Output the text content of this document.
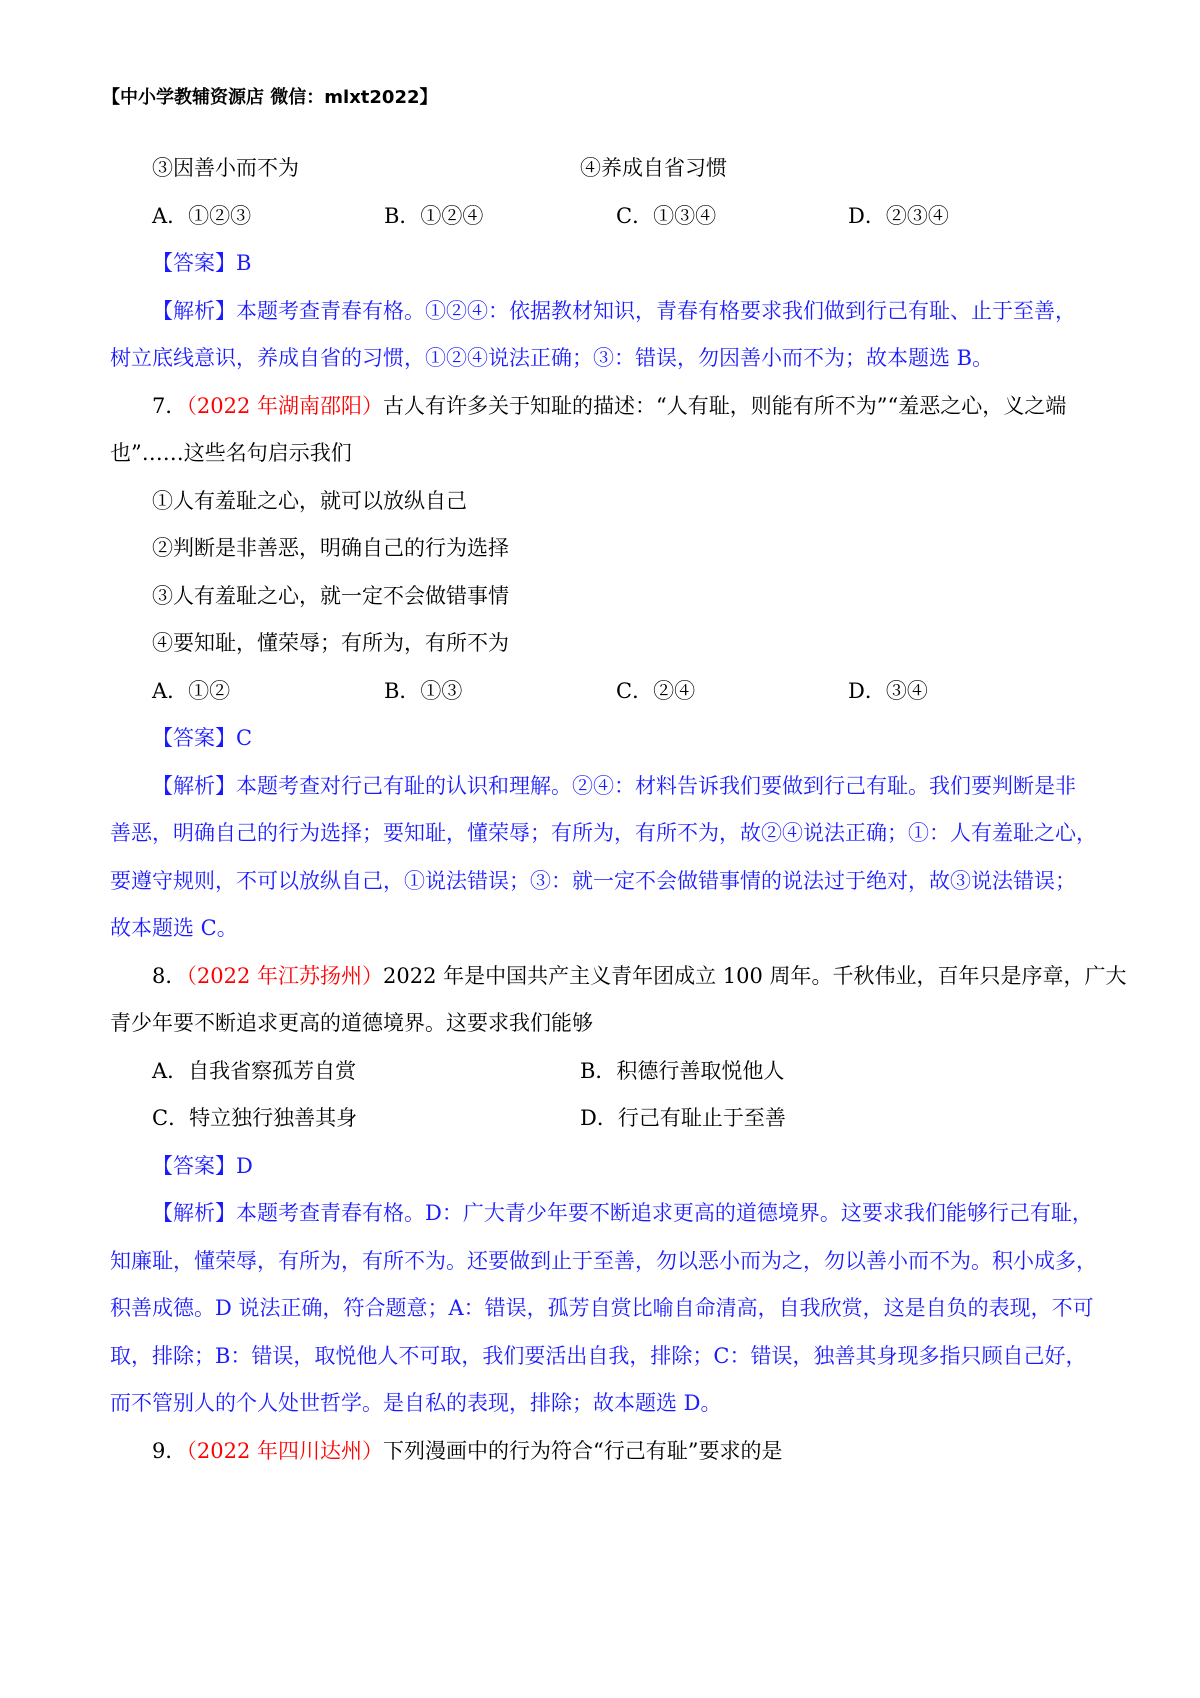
【中小学教辅资源店 微信：mlxt2022】
③因善小而不为	④养成自省习惯
A．①②③	B．①②④	C．①③④	D．②③④
【答案】B
【解析】本题考查青春有格。①②④：依据教材知识，青春有格要求我们做到行己有耻、止于至善，
树立底线意识，养成自省的习惯，①②④说法正确；③：错误，勿因善小而不为；故本题选 B。
7．（2022 年湖南邵阳）古人有许多关于知耻的描述：“人有耻，则能有所不为”“羞恶之心，义之端
也”……这些名句启示我们
①人有羞耻之心，就可以放纵自己
②判断是非善恶，明确自己的行为选择
③人有羞耻之心，就一定不会做错事情
④要知耻，懂荣辱；有所为，有所不为
A．①②	B．①③	C．②④	D．③④
【答案】C
【解析】本题考查对行己有耻的认识和理解。②④：材料告诉我们要做到行己有耻。我们要判断是非
善恶，明确自己的行为选择；要知耻，懂荣辱；有所为，有所不为，故②④说法正确；①：人有羞耻之心，
要遵守规则，不可以放纵自己，①说法错误；③：就一定不会做错事情的说法过于绝对，故③说法错误；
故本题选 C。
8．（2022 年江苏扬州）2022 年是中国共产主义青年团成立 100 周年。千秋伟业，百年只是序章，广大
青少年要不断追求更高的道德境界。这要求我们能够
A．自我省察孤芳自赏	B．积德行善取悦他人
C．特立独行独善其身	D．行己有耻止于至善
【答案】D
【解析】本题考查青春有格。D：广大青少年要不断追求更高的道德境界。这要求我们能够行己有耻，
知廉耻，懂荣辱，有所为，有所不为。还要做到止于至善，勿以恶小而为之，勿以善小而不为。积小成多，
积善成德。D 说法正确，符合题意；A：错误，孤芳自赏比喻自命清高，自我欣赏，这是自负的表现，不可
取，排除；B：错误，取悦他人不可取，我们要活出自我，排除；C：错误，独善其身现多指只顾自己好，
而不管别人的个人处世哲学。是自私的表现，排除；故本题选 D。
9．（2022 年四川达州）下列漫画中的行为符合“行己有耻”要求的是
